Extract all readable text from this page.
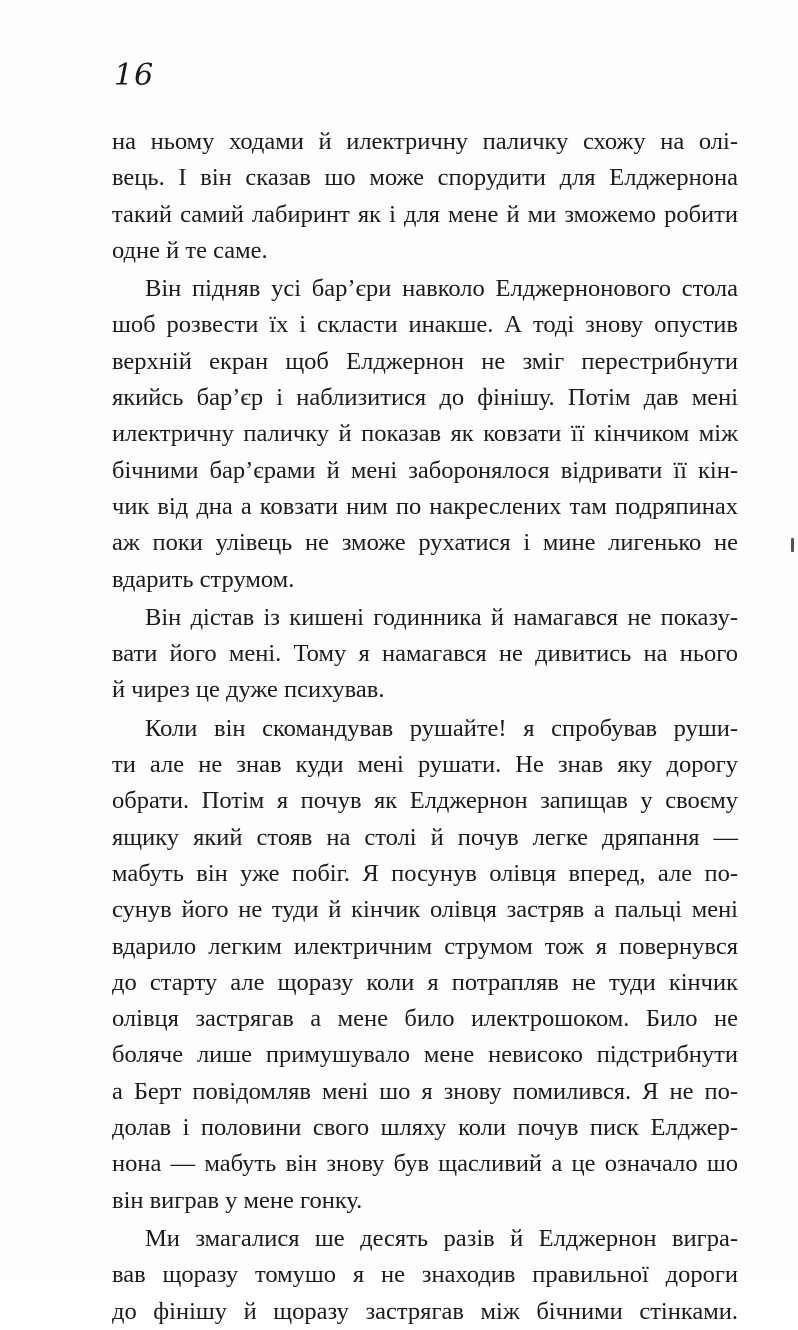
16
на ньому ходами й илектричну паличку схожу на олі-
вець. І він сказав шо може спорудити для Елджернона
такий самий лабиринт як і для мене й ми зможемо робити
одне й те саме.
Він підняв усі бар’єри навколо Елджернонового стола
шоб розвести їх і скласти инакше. А тоді знову опустив
верхній екран щоб Елджернон не зміг перестрибнути
якийсь бар’єр і наблизитися до фінішу. Потім дав мені
илектричну паличку й показав як ковзати її кінчиком між
бічними бар’єрами й мені заборонялося відривати її кін-
чик від дна а ковзати ним по накреслених там подряпинах
аж поки улівець не зможе рухатися і мине лигенько не
вдарить струмом.
Він дістав із кишені годинника й намагався не показу-
вати його мені. Тому я намагався не дивитись на нього
й чирез це дуже психував.
Коли він скомандував рушайте! я спробував руши-
ти але не знав куди мені рушати. Не знав яку дорогу
обрати. Потім я почув як Елджернон запищав у своєму
ящику який стояв на столі й почув легке дряпання —
мабуть він уже побіг. Я посунув олівця вперед, але по-
сунув його не туди й кінчик олівця застряв а пальці мені
вдарило легким илектричним струмом тож я повернувся
до старту але щоразу коли я потрапляв не туди кінчик
олівця застрягав а мене било илектрошоком. Било не
боляче лише примушувало мене невисоко підстрибнути
а Берт повідомляв мені шо я знову помилився. Я не по-
долав і половини свого шляху коли почув писк Елджер-
нона — мабуть він знову був щасливий а це означало шо
він виграв у мене гонку.
Ми змагалися ше десять разів й Елджернон вигра-
вав щоразу томушо я не знаходив правильної дороги
до фінішу й щоразу застрягав між бічними стінками.
